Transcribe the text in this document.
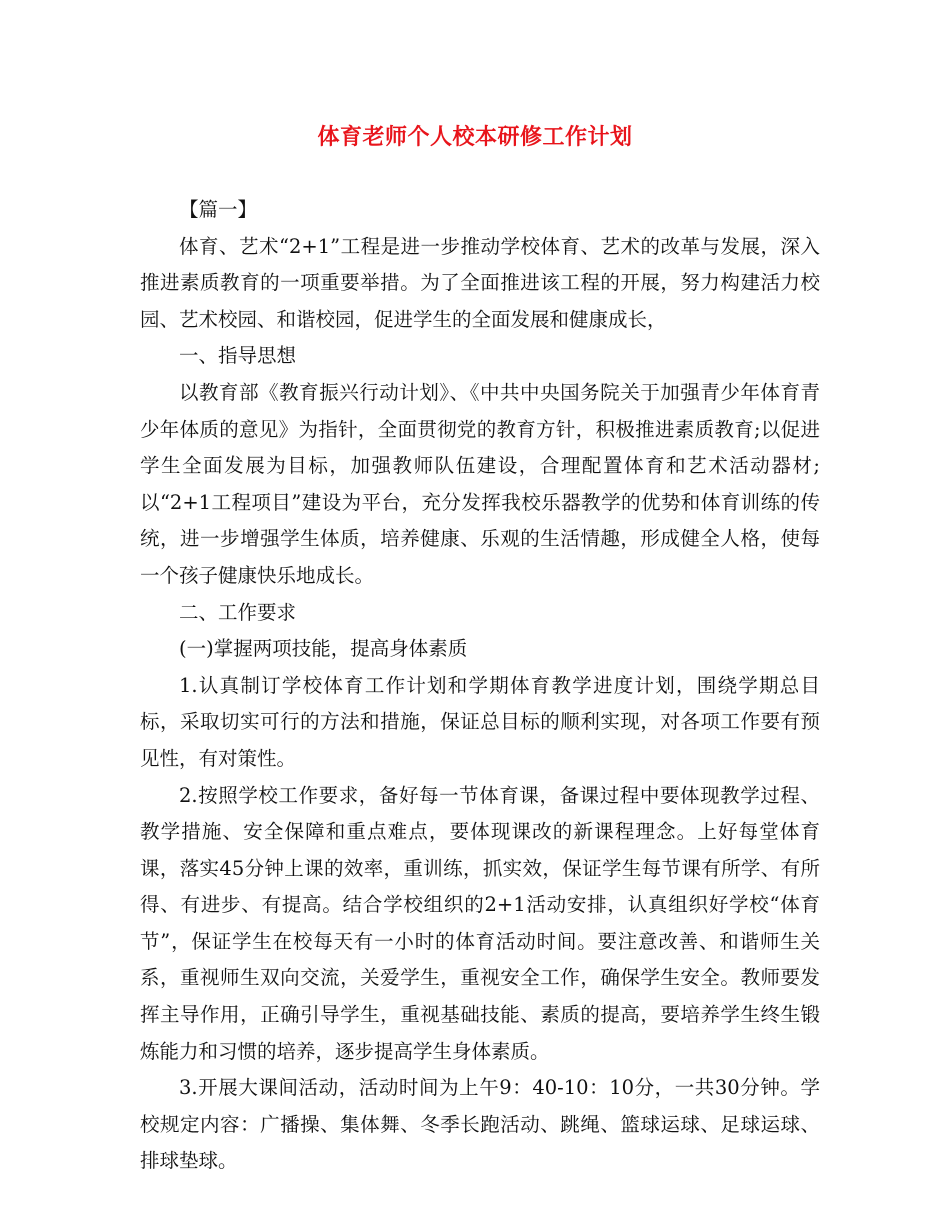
体育老师个人校本研修工作计划

【篇一】

体育、艺术“2+1”工程是进一步推动学校体育、艺术的改革与发展，深入推进素质教育的一项重要举措。为了全面推进该工程的开展，努力构建活力校园、艺术校园、和谐校园，促进学生的全面发展和健康成长，

一、指导思想

以教育部《教育振兴行动计划》、《中共中央国务院关于加强青少年体育青少年体质的意见》为指针，全面贯彻党的教育方针，积极推进素质教育;以促进学生全面发展为目标，加强教师队伍建设，合理配置体育和艺术活动器材;以“2+1工程项目”建设为平台，充分发挥我校乐器教学的优势和体育训练的传统，进一步增强学生体质，培养健康、乐观的生活情趣，形成健全人格，使每一个孩子健康快乐地成长。

二、工作要求

(一)掌握两项技能，提高身体素质

1.认真制订学校体育工作计划和学期体育教学进度计划，围绕学期总目标，采取切实可行的方法和措施，保证总目标的顺利实现，对各项工作要有预见性，有对策性。

2.按照学校工作要求，备好每一节体育课，备课过程中要体现教学过程、教学措施、安全保障和重点难点，要体现课改的新课程理念。上好每堂体育课，落实45分钟上课的效率，重训练，抓实效，保证学生每节课有所学、有所得、有进步、有提高。结合学校组织的2+1活动安排，认真组织好学校“体育节”，保证学生在校每天有一小时的体育活动时间。要注意改善、和谐师生关系，重视师生双向交流，关爱学生，重视安全工作，确保学生安全。教师要发挥主导作用，正确引导学生，重视基础技能、素质的提高，要培养学生终生锻炼能力和习惯的培养，逐步提高学生身体素质。

3.开展大课间活动，活动时间为上午9：40-10：10分，一共30分钟。学校规定内容：广播操、集体舞、冬季长跑活动、跳绳、篮球运球、足球运球、排球垫球。
